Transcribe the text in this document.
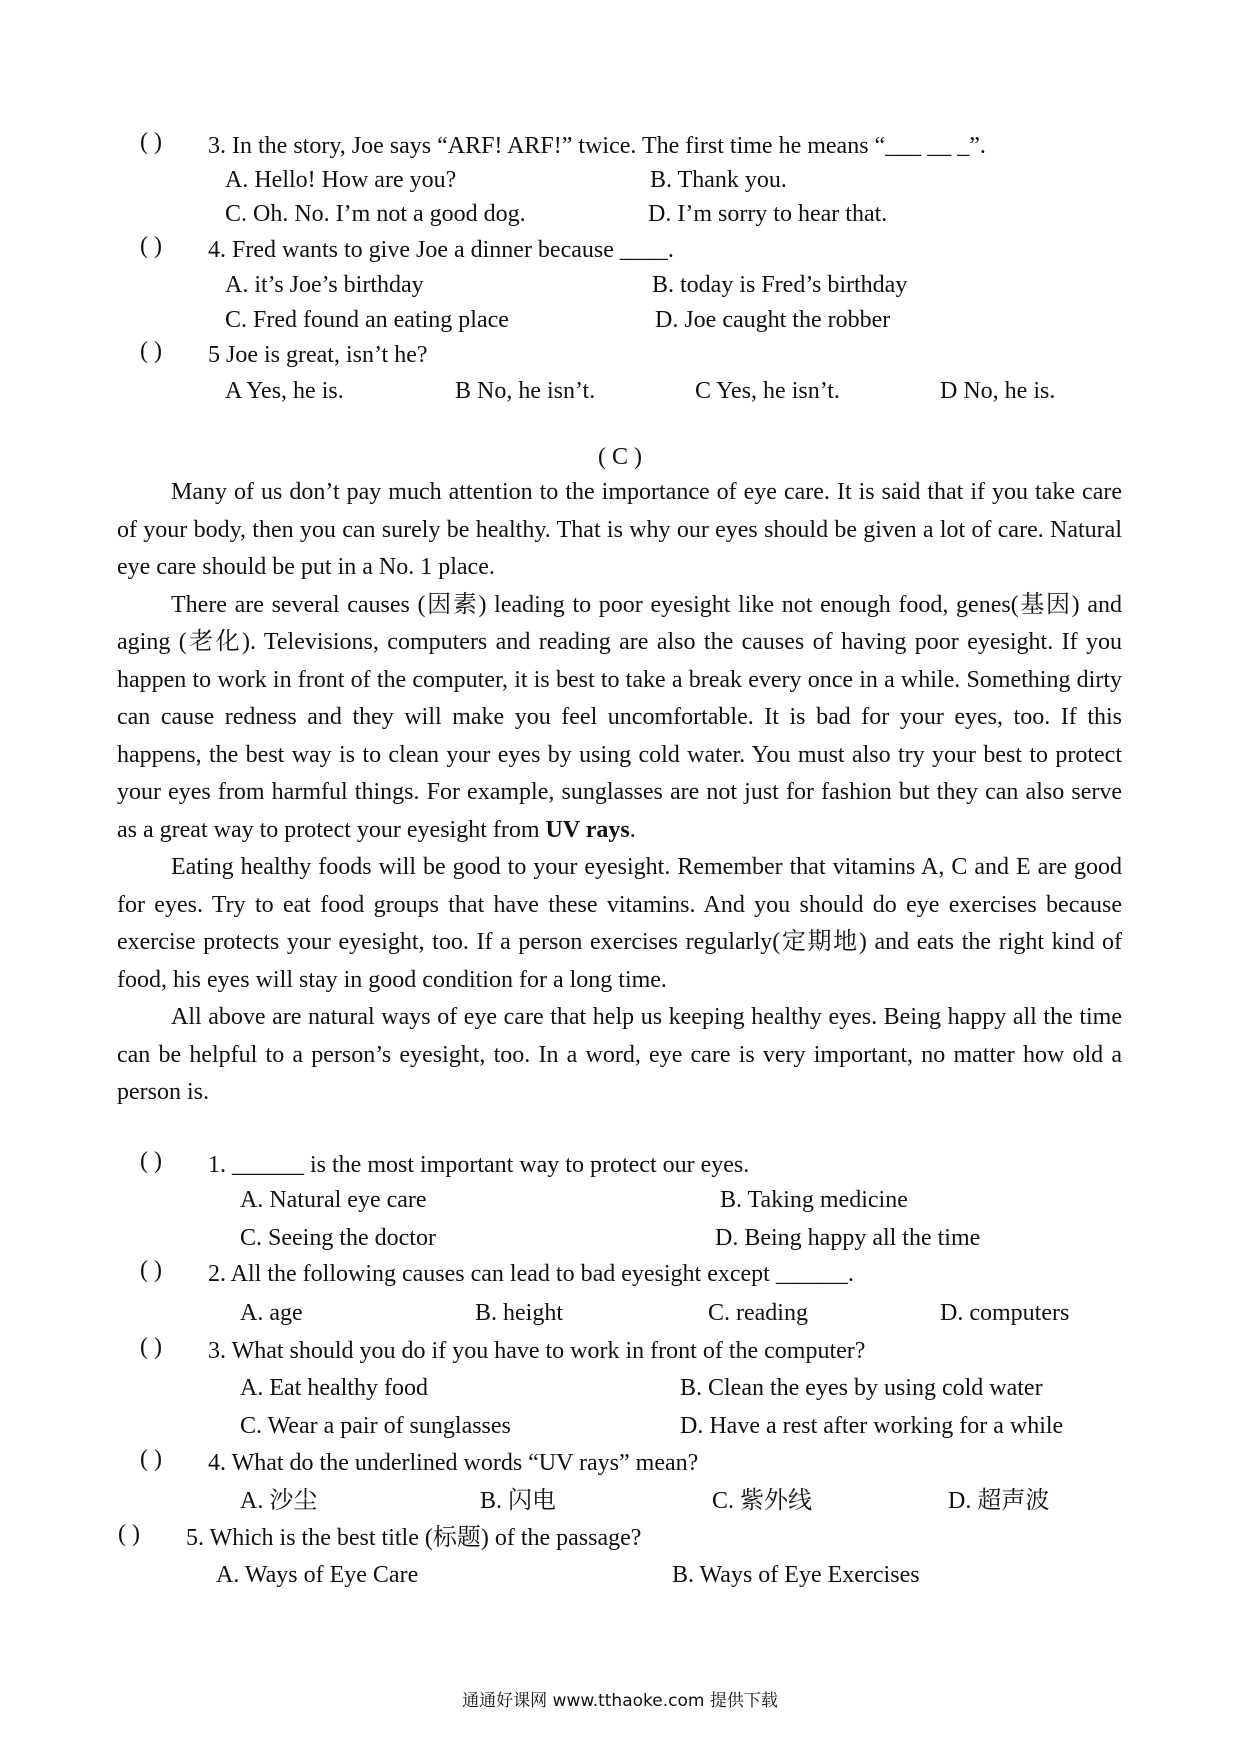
( ) 3. In the story, Joe says “ARF! ARF!” twice. The first time he means “___ __ _”.
A. Hello! How are you?	B. Thank you.
C. Oh. No. I’m not a good dog.	D. I’m sorry to hear that.
( ) 4. Fred wants to give Joe a dinner because ____.
A. it’s Joe’s birthday	B. today is Fred’s birthday
C. Fred found an eating place	D. Joe caught the robber
( ) 5 Joe is great, isn’t he?
A Yes, he is.	B No, he isn’t.	C Yes, he isn’t.	D No, he is.
( C )

Many of us don’t pay much attention to the importance of eye care. It is said that if you take care of your body, then you can surely be healthy. That is why our eyes should be given a lot of care. Natural eye care should be put in a No. 1 place.

There are several causes (因素) leading to poor eyesight like not enough food, genes(基因) and aging (老化). Televisions, computers and reading are also the causes of having poor eyesight. If you happen to work in front of the computer, it is best to take a break every once in a while. Something dirty can cause redness and they will make you feel uncomfortable. It is bad for your eyes, too. If this happens, the best way is to clean your eyes by using cold water. You must also try your best to protect your eyes from harmful things. For example, sunglasses are not just for fashion but they can also serve as a great way to protect your eyesight from UV rays.

Eating healthy foods will be good to your eyesight. Remember that vitamins A, C and E are good for eyes. Try to eat food groups that have these vitamins. And you should do eye exercises because exercise protects your eyesight, too. If a person exercises regularly(定期地) and eats the right kind of food, his eyes will stay in good condition for a long time.

All above are natural ways of eye care that help us keeping healthy eyes. Being happy all the time can be helpful to a person’s eyesight, too. In a word, eye care is very important, no matter how old a person is.

( ) 1. ______ is the most important way to protect our eyes.
A. Natural eye care	B. Taking medicine
C. Seeing the doctor	D. Being happy all the time
( ) 2. All the following causes can lead to bad eyesight except ______.
A. age	B. height	C. reading	D. computers
( ) 3. What should you do if you have to work in front of the computer?
A. Eat healthy food	B. Clean the eyes by using cold water
C. Wear a pair of sunglasses	D. Have a rest after working for a while
( ) 4. What do the underlined words “UV rays” mean?
A. 沙尘	B. 闪电	C. 紫外线	D. 超声波
( ) 5. Which is the best title (标题) of the passage?
A. Ways of Eye Care	B. Ways of Eye Exercises
通通好课网 www.tthaoke.com 提供下载
